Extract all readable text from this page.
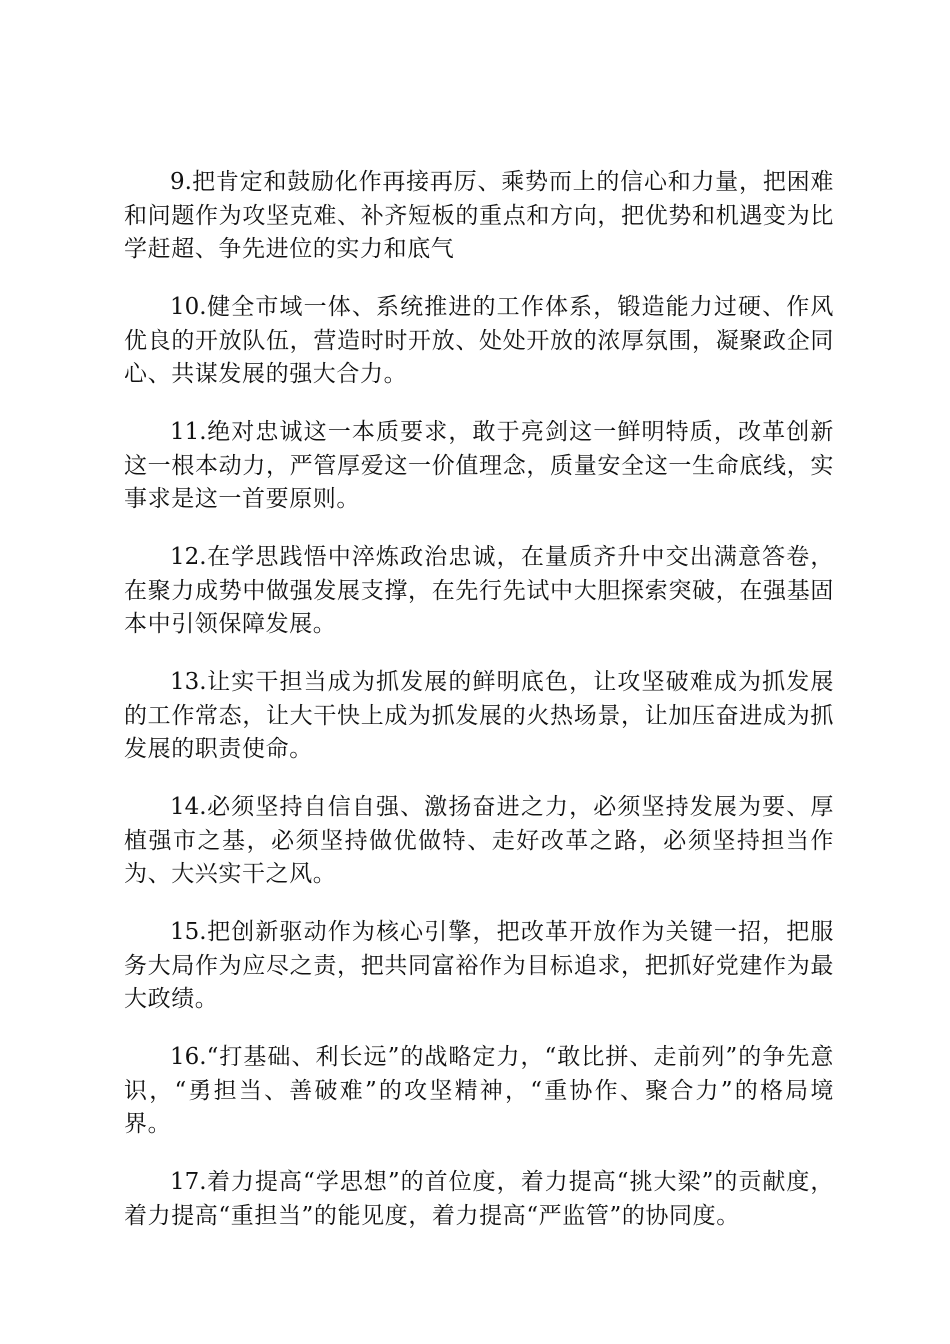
9.把肯定和鼓励化作再接再厉、乘势而上的信心和力量，把困难和问题作为攻坚克难、补齐短板的重点和方向，把优势和机遇变为比学赶超、争先进位的实力和底气

10.健全市域一体、系统推进的工作体系，锻造能力过硬、作风优良的开放队伍，营造时时开放、处处开放的浓厚氛围，凝聚政企同心、共谋发展的强大合力。

11.绝对忠诚这一本质要求，敢于亮剑这一鲜明特质，改革创新这一根本动力，严管厚爱这一价值理念，质量安全这一生命底线，实事求是这一首要原则。

12.在学思践悟中淬炼政治忠诚，在量质齐升中交出满意答卷，在聚力成势中做强发展支撑，在先行先试中大胆探索突破，在强基固本中引领保障发展。

13.让实干担当成为抓发展的鲜明底色，让攻坚破难成为抓发展的工作常态，让大干快上成为抓发展的火热场景，让加压奋进成为抓发展的职责使命。

14.必须坚持自信自强、激扬奋进之力，必须坚持发展为要、厚植强市之基，必须坚持做优做特、走好改革之路，必须坚持担当作为、大兴实干之风。

15.把创新驱动作为核心引擎，把改革开放作为关键一招，把服务大局作为应尽之责，把共同富裕作为目标追求，把抓好党建作为最大政绩。

16.“打基础、利长远”的战略定力，“敢比拼、走前列”的争先意识，“勇担当、善破难”的攻坚精神，“重协作、聚合力”的格局境界。

17.着力提高“学思想”的首位度，着力提高“挑大梁”的贡献度，着力提高“重担当”的能见度，着力提高“严监管”的协同度。
